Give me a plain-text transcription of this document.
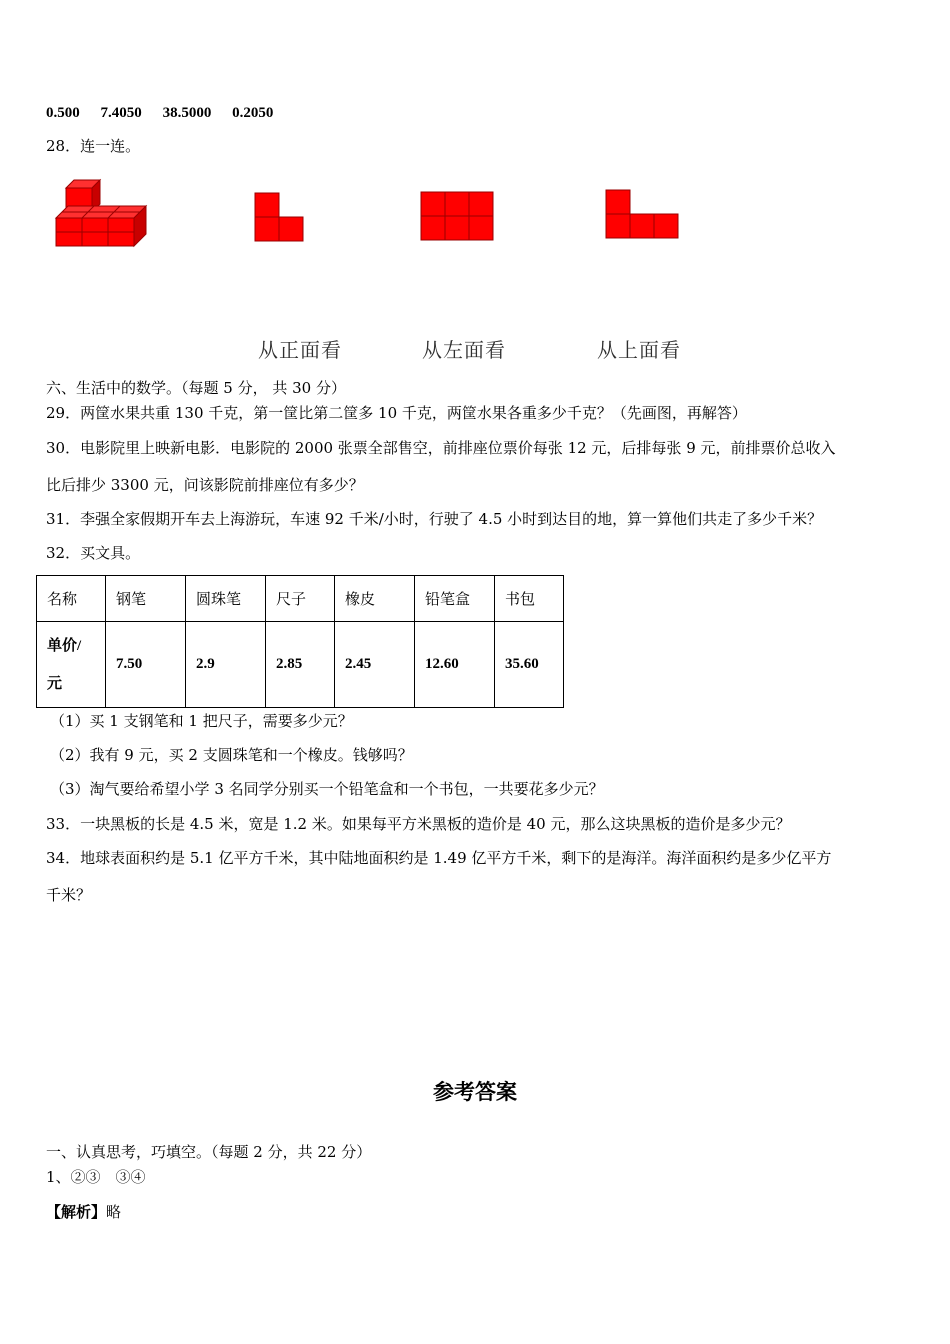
0.500 7.4050 38.5000 0.2050
28．连一连。
从正面看	从左面看	从上面看
六、生活中的数学。（每题 5 分， 共 30 分）
29．两筐水果共重 130 千克，第一筐比第二筐多 10 千克，两筐水果各重多少千克？（先画图，再解答）
30．电影院里上映新电影．电影院的 2000 张票全部售空，前排座位票价每张 12 元，后排每张 9 元，前排票价总收入
比后排少 3300 元，问该影院前排座位有多少？
31．李强全家假期开车去上海游玩，车速 92 千米/小时，行驶了 4.5 小时到达目的地，算一算他们共走了多少千米？
32．买文具。
名称	钢笔	圆珠笔	尺子	橡皮	铅笔盒	书包

单价/
元	7.50	2.9	2.85	2.45	12.60	35.60
（1）买 1 支钢笔和 1 把尺子，需要多少元？
（2）我有 9 元，买 2 支圆珠笔和一个橡皮。钱够吗？
（3）淘气要给希望小学 3 名同学分别买一个铅笔盒和一个书包，一共要花多少元？
33．一块黑板的长是 4.5 米，宽是 1.2 米。如果每平方米黑板的造价是 40 元，那么这块黑板的造价是多少元？
34．地球表面积约是 5.1 亿平方千米，其中陆地面积约是 1.49 亿平方千米，剩下的是海洋。海洋面积约是多少亿平方
千米？
参考答案
一、认真思考，巧填空。（每题 2 分，共 22 分）
1、②③　③④
【解析】略
